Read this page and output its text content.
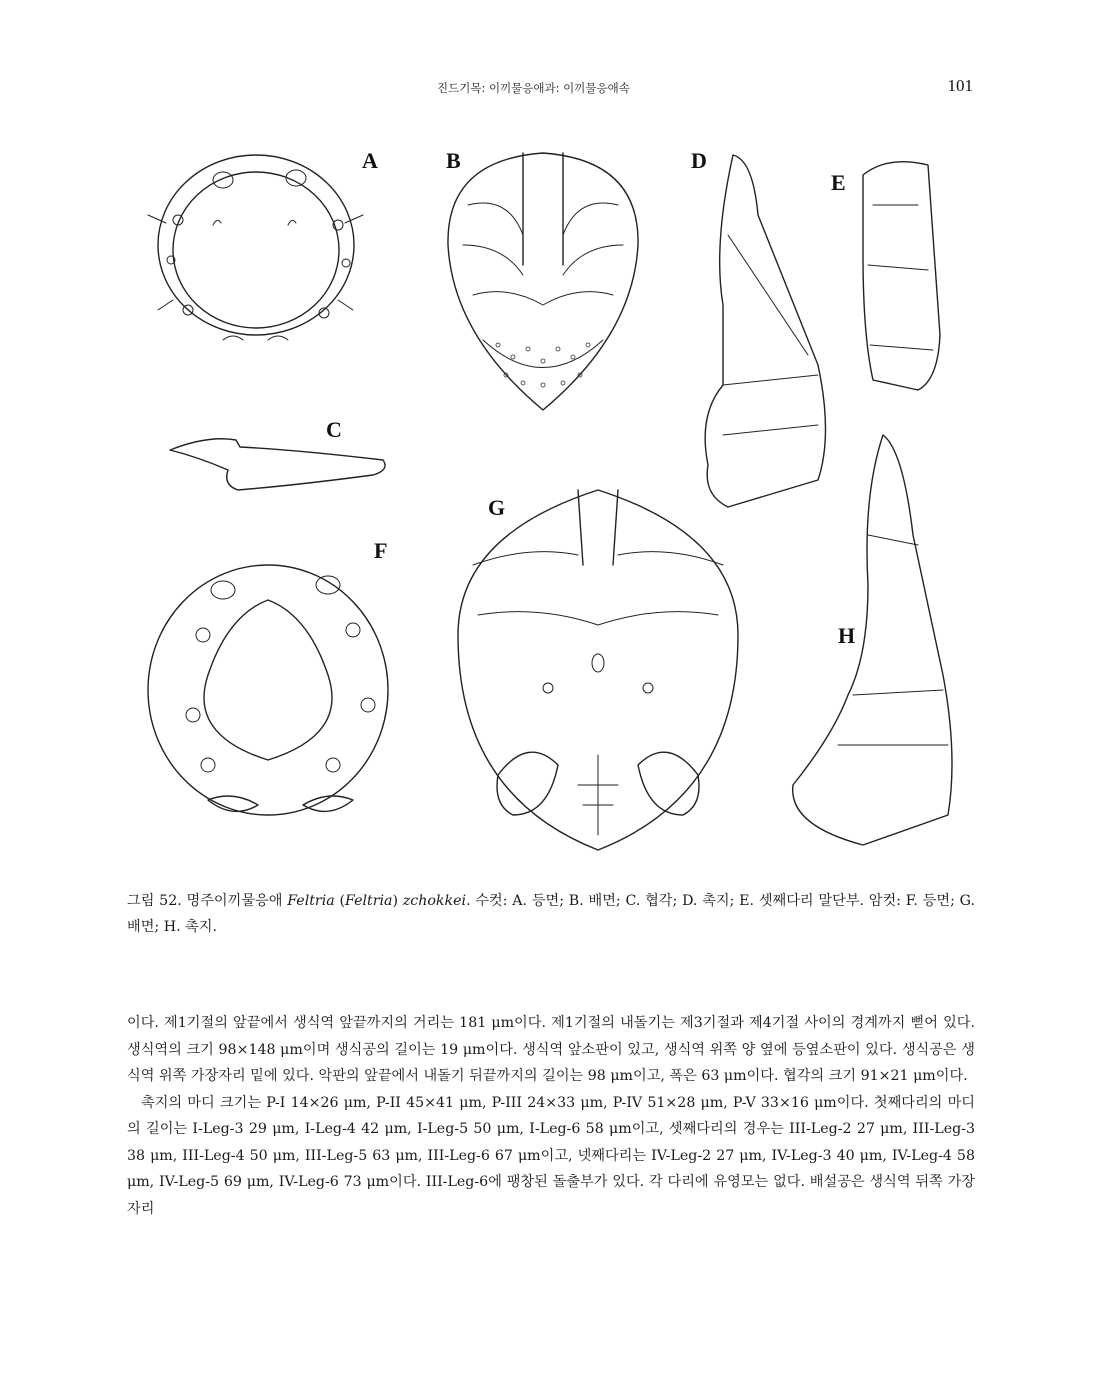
진드기목: 이끼물응애과: 이끼물응애속	101
A	B
C
D
E
F
G
H
그림 52. 명주이끼물응애 Feltria (Feltria) zchokkei. 수컷: A. 등면; B. 배면; C. 협각; D. 촉지; E. 셋째다리 말단부. 암컷: F. 등면; G. 배면; H. 촉지.

이다. 제1기절의 앞끝에서 생식역 앞끝까지의 거리는 181 μm이다. 제1기절의 내돌기는 제3기절과 제4기절 사이의 경계까지 뻗어 있다. 생식역의 크기 98×148 μm이며 생식공의 길이는 19 μm이다. 생식역 앞소판이 있고, 생식역 위쪽 양 옆에 등옆소판이 있다. 생식공은 생식역 위쪽 가장자리 밑에 있다. 악판의 앞끝에서 내돌기 뒤끝까지의 길이는 98 μm이고, 폭은 63 μm이다. 협각의 크기 91×21 μm이다.

촉지의 마디 크기는 P-I 14×26 μm, P-II 45×41 μm, P-III 24×33 μm, P-IV 51×28 μm, P-V 33×16 μm이다. 첫째다리의 마디의 길이는 I-Leg-3 29 μm, I-Leg-4 42 μm, I-Leg-5 50 μm, I-Leg-6 58 μm이고, 셋째다리의 경우는 III-Leg-2 27 μm, III-Leg-3 38 μm, III-Leg-4 50 μm, III-Leg-5 63 μm, III-Leg-6 67 μm이고, 넷째다리는 IV-Leg-2 27 μm, IV-Leg-3 40 μm, IV-Leg-4 58 μm, IV-Leg-5 69 μm, IV-Leg-6 73 μm이다. III-Leg-6에 팽창된 돌출부가 있다. 각 다리에 유영모는 없다. 배설공은 생식역 뒤쪽 가장자리
